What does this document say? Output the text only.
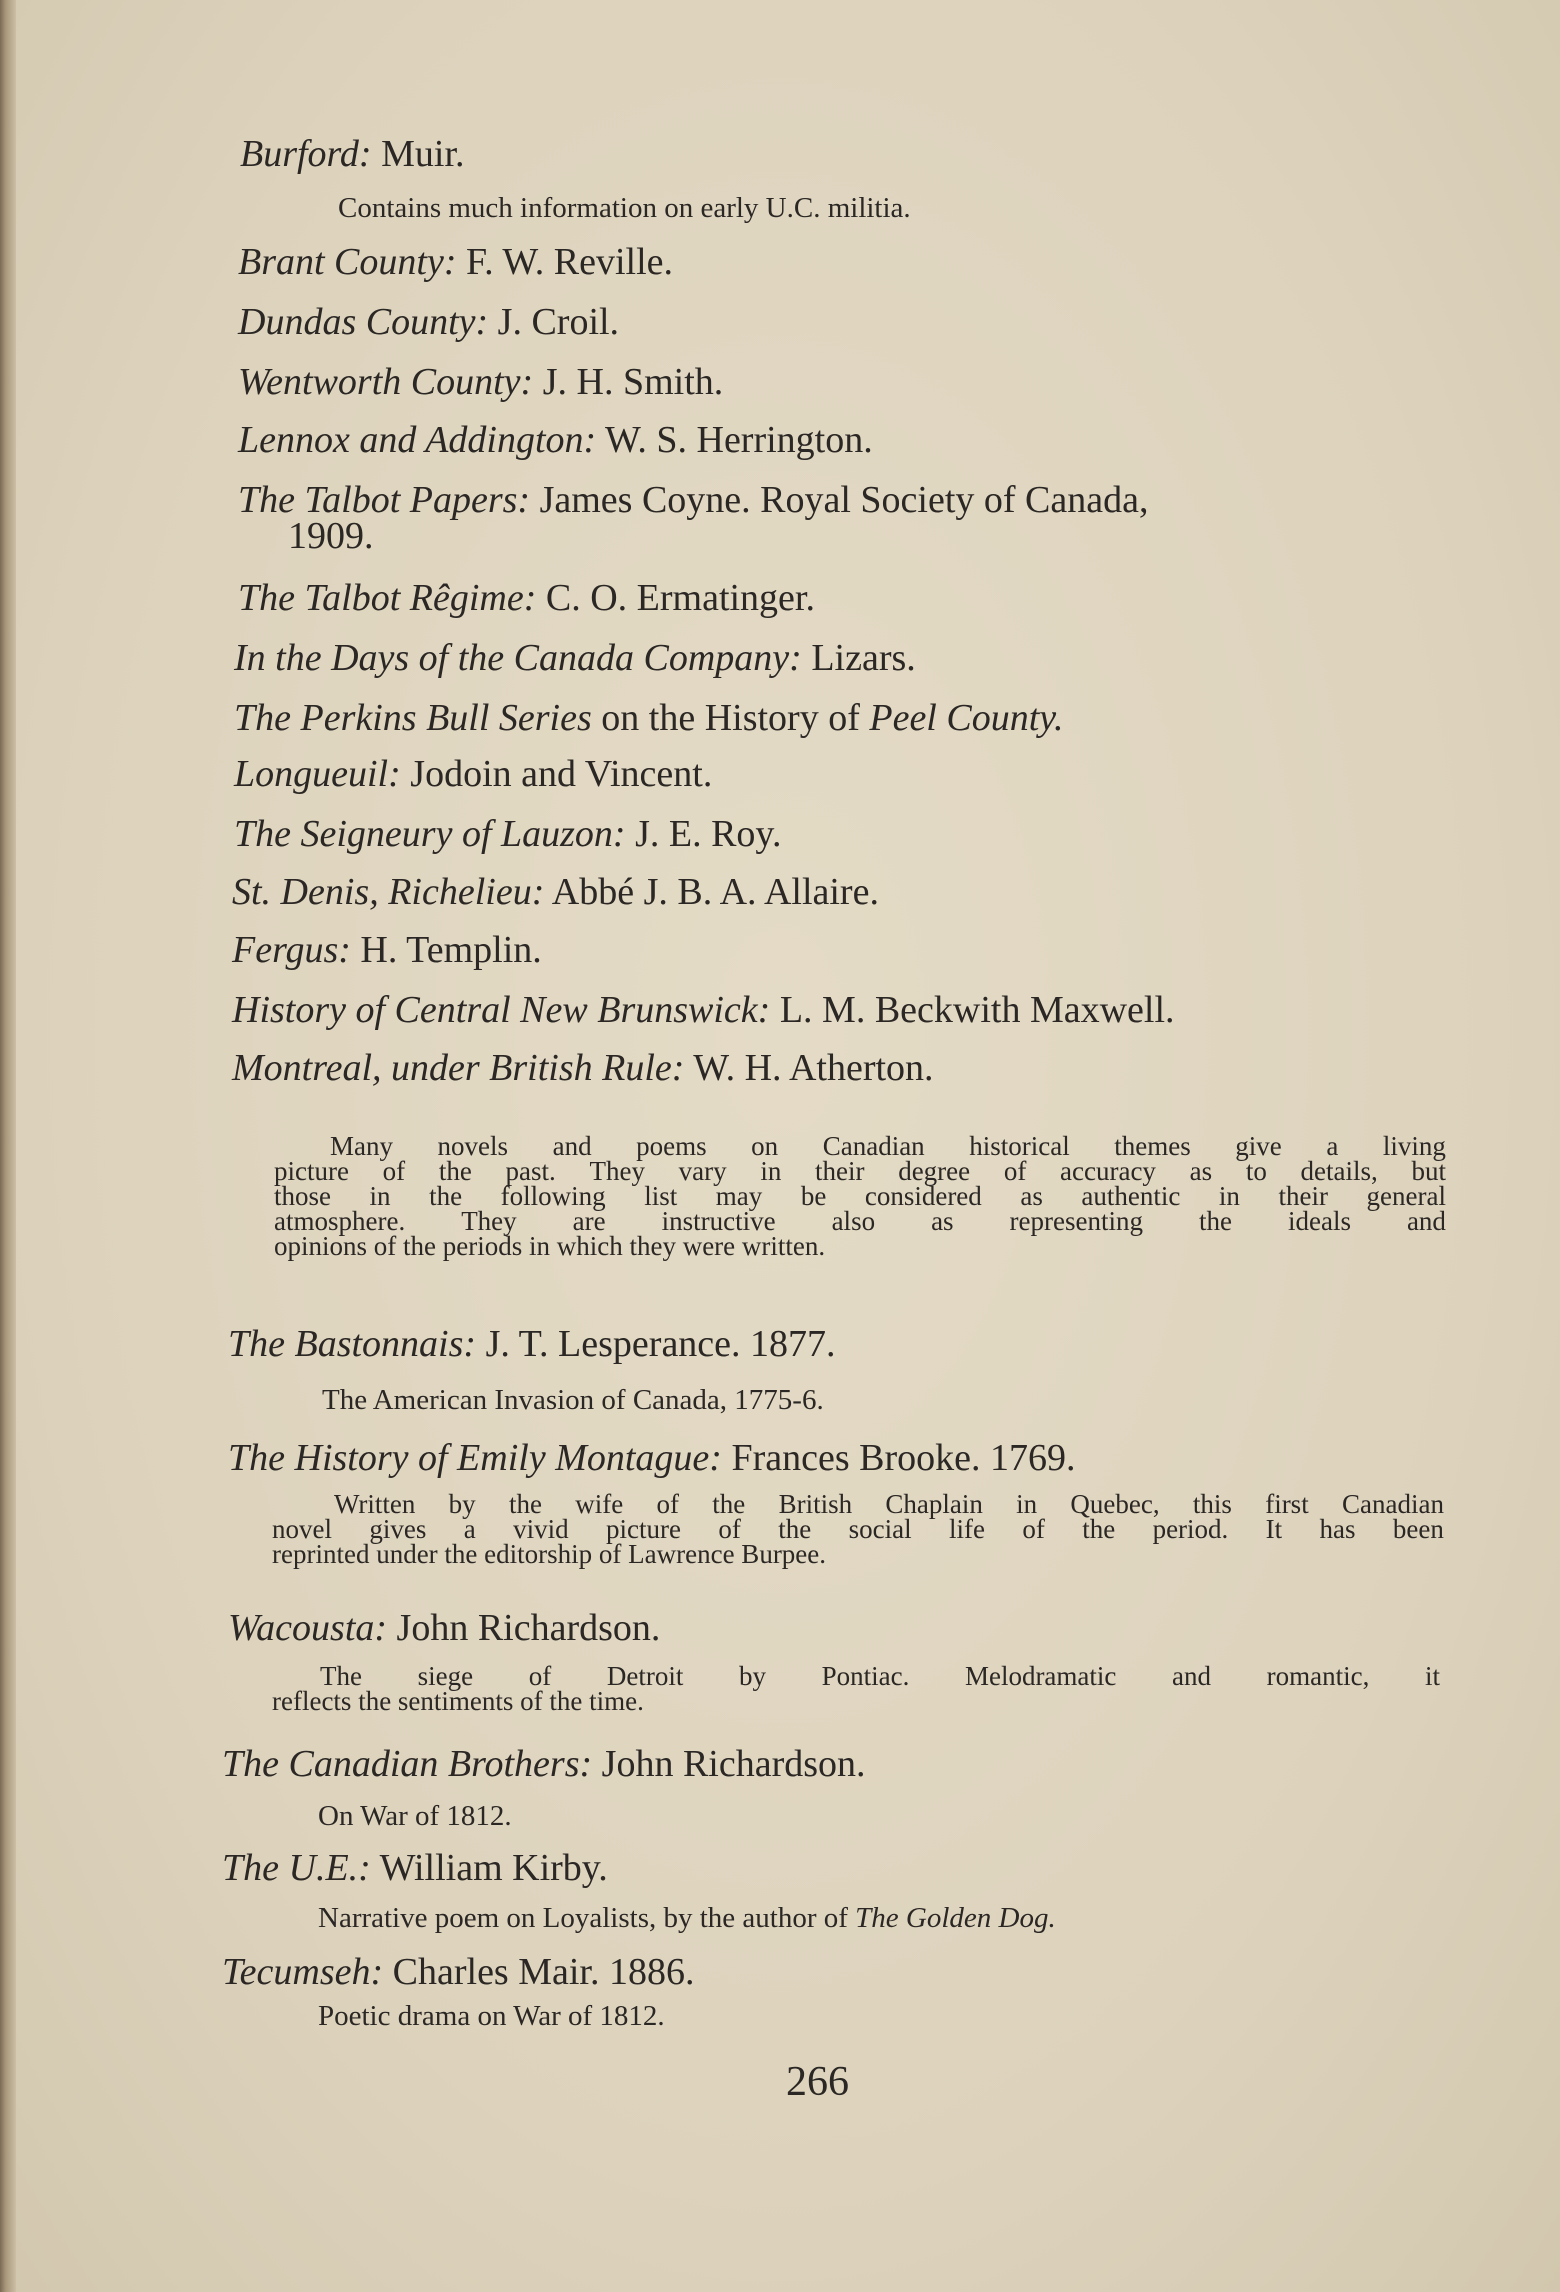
Burford: Muir.
Contains much information on early U.C. militia.
Brant County: F. W. Reville.
Dundas County: J. Croil.
Wentworth County: J. H. Smith.
Lennox and Addington: W. S. Herrington.
The Talbot Papers: James Coyne. Royal Society of Canada,
1909.
The Talbot Rêgime: C. O. Ermatinger.
In the Days of the Canada Company: Lizars.
The Perkins Bull Series on the History of Peel County.
Longueuil: Jodoin and Vincent.
The Seigneury of Lauzon: J. E. Roy.
St. Denis, Richelieu: Abbé J. B. A. Allaire.
Fergus: H. Templin.
History of Central New Brunswick: L. M. Beckwith Maxwell.
Montreal, under British Rule: W. H. Atherton.
Many novels and poems on Canadian historical themes give a living
picture of the past. They vary in their degree of accuracy as to details, but
those in the following list may be considered as authentic in their general
atmosphere. They are instructive also as representing the ideals and
opinions of the periods in which they were written.
The Bastonnais: J. T. Lesperance. 1877.
The American Invasion of Canada, 1775-6.
The History of Emily Montague: Frances Brooke. 1769.
Written by the wife of the British Chaplain in Quebec, this first Canadian
novel gives a vivid picture of the social life of the period. It has been
reprinted under the editorship of Lawrence Burpee.
Wacousta: John Richardson.
The siege of Detroit by Pontiac. Melodramatic and romantic, it
reflects the sentiments of the time.
The Canadian Brothers: John Richardson.
On War of 1812.
The U.E.: William Kirby.
Narrative poem on Loyalists, by the author of The Golden Dog.
Tecumseh: Charles Mair. 1886.
Poetic drama on War of 1812.
266
